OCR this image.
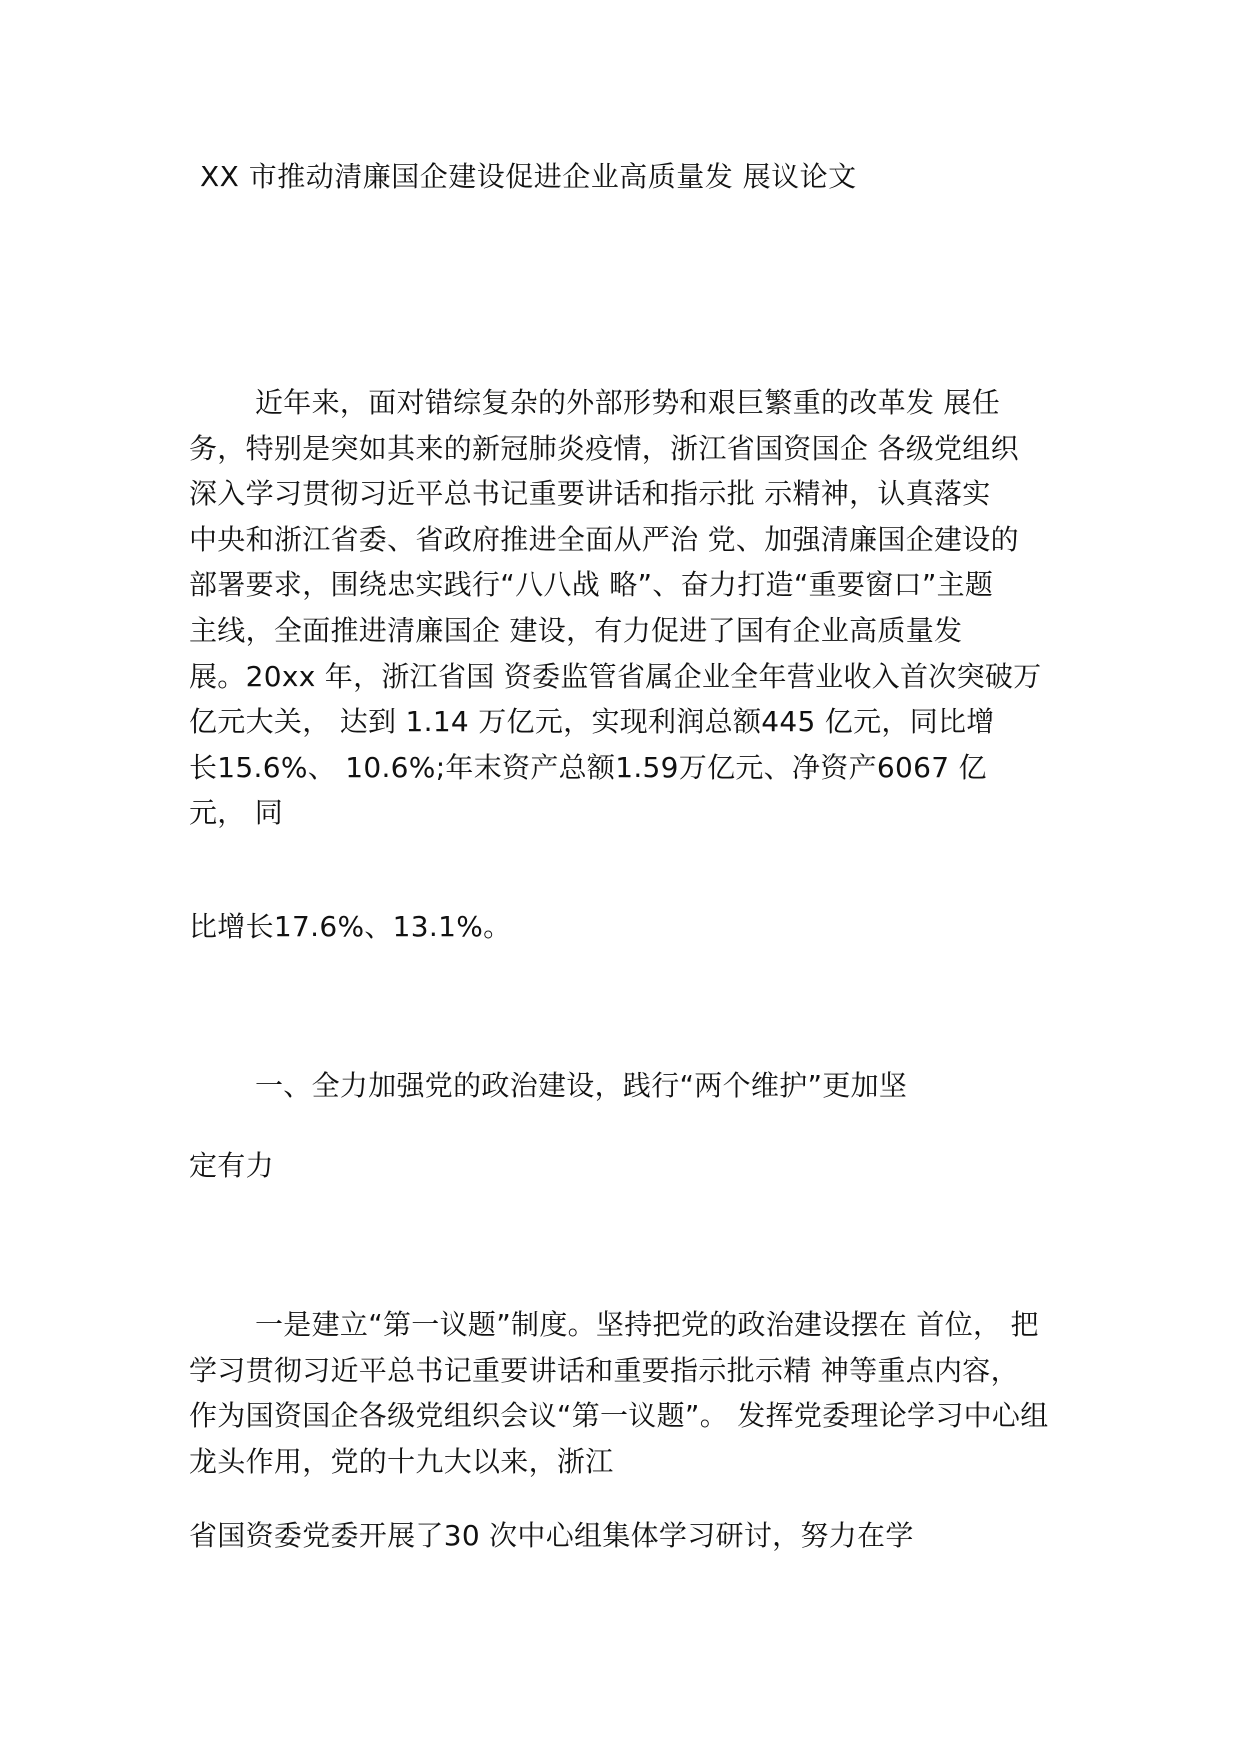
XX 市推动清廉国企建设促进企业高质量发 展议论文
近年来，面对错综复杂的外部形势和艰巨繁重的改革发 展任
务，特别是突如其来的新冠肺炎疫情，浙江省国资国企 各级党组织
深入学习贯彻习近平总书记重要讲话和指示批 示精神，认真落实
中央和浙江省委、省政府推进全面从严治 党、加强清廉国企建设的
部署要求，围绕忠实践行“八八战 略”、奋力打造“重要窗口”主题
主线，全面推进清廉国企 建设，有力促进了国有企业高质量发
展。20xx 年，浙江省国 资委监管省属企业全年营业收入首次突破万
亿元大关， 达到 1.14 万亿元，实现利润总额445 亿元，同比增
长15.6%、 10.6%;年末资产总额1.59万亿元、净资产6067 亿
元， 同
比增长17.6%、13.1%。
一、全力加强党的政治建设，践行“两个维护”更加坚
定有力
一是建立“第一议题”制度。坚持把党的政治建设摆在 首位， 把
学习贯彻习近平总书记重要讲话和重要指示批示精 神等重点内容，
作为国资国企各级党组织会议“第一议题”。 发挥党委理论学习中心组
龙头作用，党的十九大以来，浙江
省国资委党委开展了30 次中心组集体学习研讨，努力在学
